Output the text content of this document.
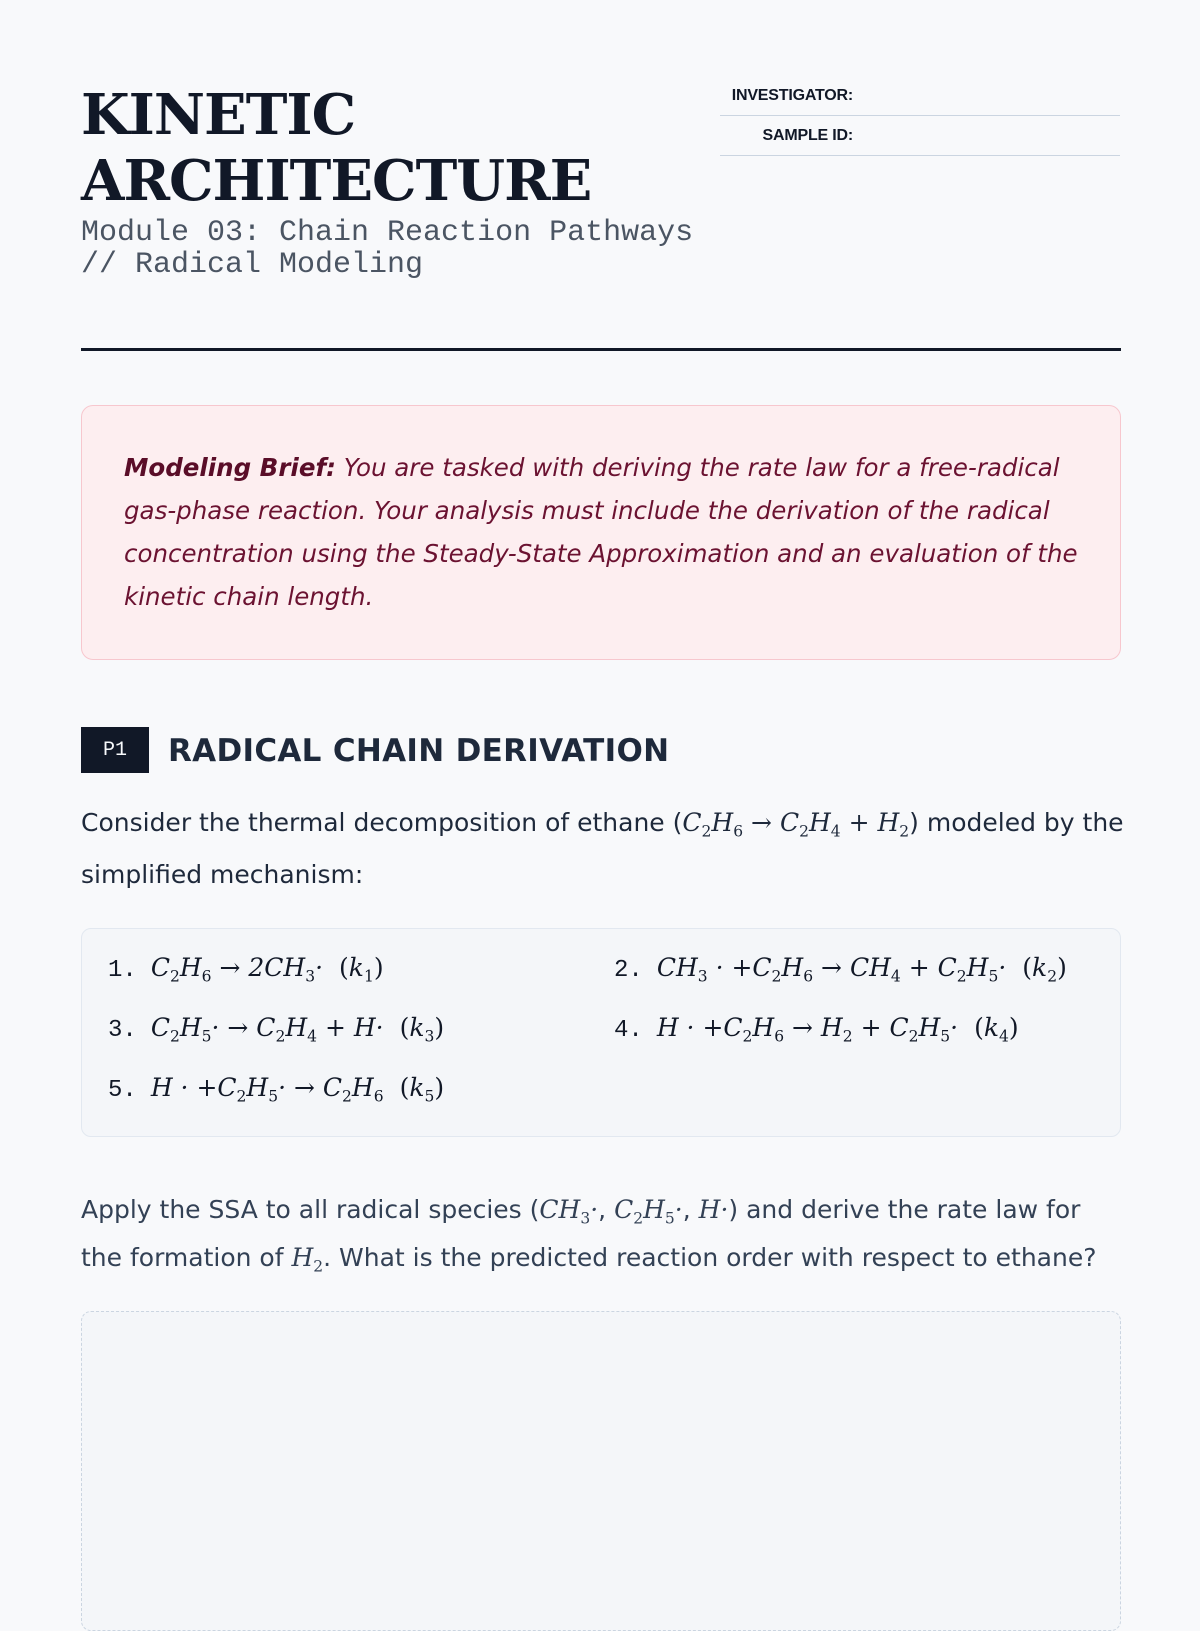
KINETIC ARCHITECTURE

Module 03: Chain Reaction Pathways // Radical Modeling

INVESTIGATOR:
SAMPLE ID:
Modeling Brief: You are tasked with deriving the rate law for a free-radical gas-phase reaction. Your analysis must include the derivation of the radical concentration using the Steady-State Approximation and an evaluation of the kinetic chain length.
P1	RADICAL CHAIN DERIVATION

Consider the thermal decomposition of ethane $(C_2H_6 \to C_2H_4 + H_2)$ modeled by the simplified mechanism:

1. $C_2H_6 \to 2CH_3\cdot (k_1)$	2. $CH_3 \cdot +C_2H_6 \to CH_4 + C_2H_5\cdot (k_2)$
3. $C_2H_5\cdot \to C_2H_4 + H\cdot (k_3)$	4. $H \cdot +C_2H_6 \to H_2 + C_2H_5\cdot (k_4)$
5. $H \cdot +C_2H_5\cdot \to C_2H_6$ $(k_5)$

Apply the SSA to all radical species ($CH_3\cdot$, $C_2H_5\cdot$, H·) and derive the rate law for the formation of $H_2$. What is the predicted reaction order with respect to ethane?
